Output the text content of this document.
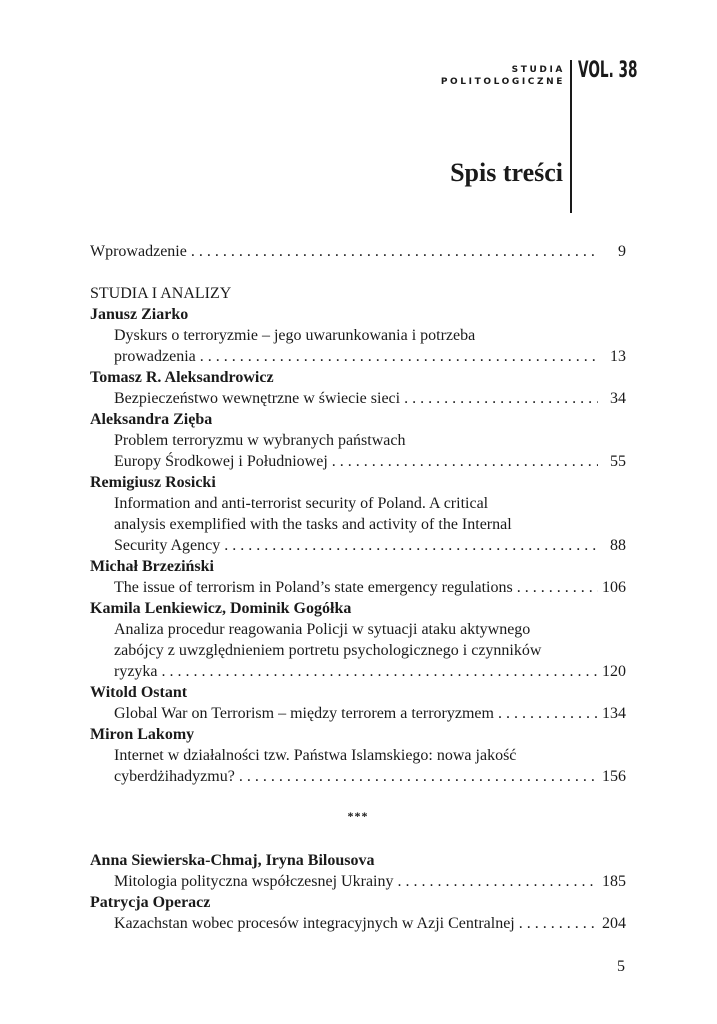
STUDIA
POLITOLOGICZNE VOL. 38
Spis treści
Wprowadzenie . . .	9
STUDIA I ANALIZY
Janusz Ziarko
Dyskurs o terroryzmie – jego uwarunkowania i potrzeba
prowadzenia . . .	13
Tomasz R. Aleksandrowicz
Bezpieczeństwo wewnętrzne w świecie sieci . . .	34
Aleksandra Zięba
Problem terroryzmu w wybranych państwach
Europy Środkowej i Południowej . . .	55
Remigiusz Rosicki
Information and anti-terrorist security of Poland. A critical
analysis exemplified with the tasks and activity of the Internal
Security Agency . . .	88
Michał Brzeziński
The issue of terrorism in Poland’s state emergency regulations . . .	106
Kamila Lenkiewicz, Dominik Gogółka
Analiza procedur reagowania Policji w sytuacji ataku aktywnego
zabójcy z uwzględnieniem portretu psychologicznego i czynników
ryzyka . . .	120
Witold Ostant
Global War on Terrorism – między terrorem a terroryzmem . . .	134
Miron Lakomy
Internet w działalności tzw. Państwa Islamskiego: nowa jakość
cyberdżihadyzmu? . . .	156
***
Anna Siewierska-Chmaj, Iryna Bilousova
Mitologia polityczna współczesnej Ukrainy . . .	185
Patrycja Operacz
Kazachstan wobec procesów integracyjnych w Azji Centralnej . . .	204
5
